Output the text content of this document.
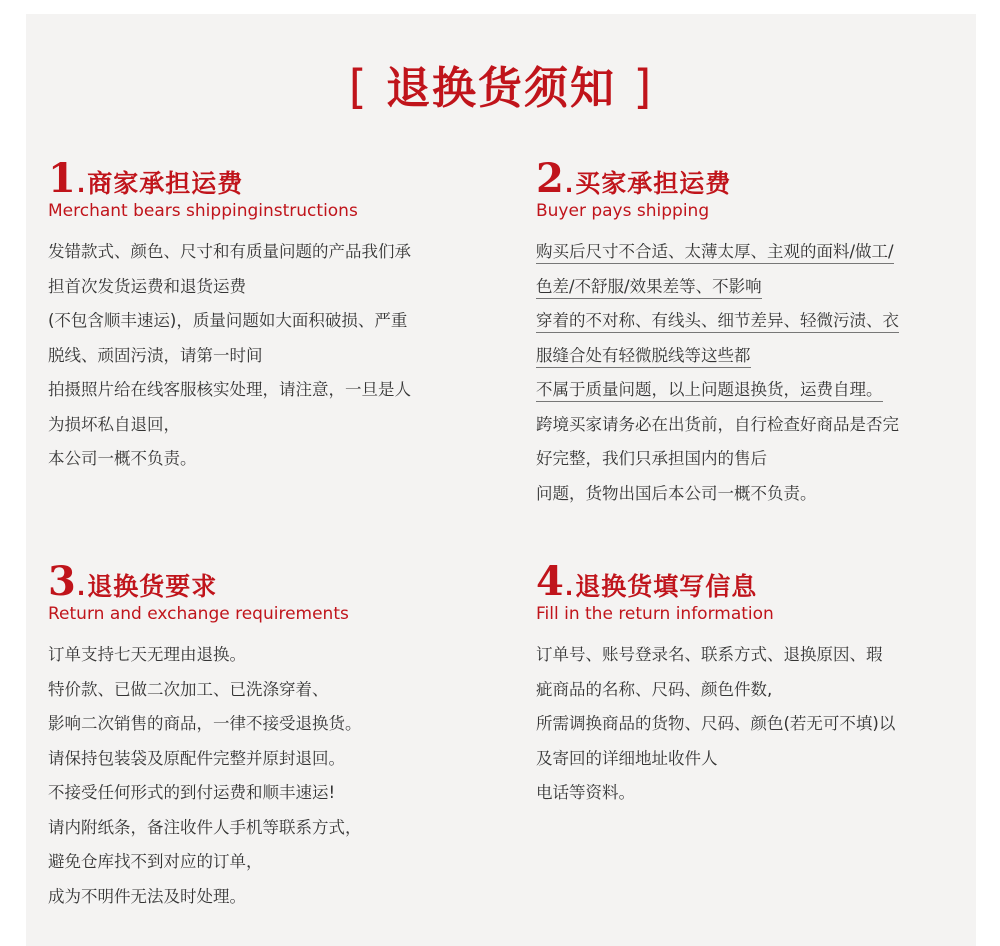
[ 退换货须知 ]
1 . 商家承担运费
Merchant bears shippinginstructions
发错款式、颜色、尺寸和有质量问题的产品我们承
担首次发货运费和退货运费
(不包含顺丰速运)，质量问题如大面积破损、严重
脱线、顽固污渍，请第一时间
拍摄照片给在线客服核实处理，请注意，一旦是人
为损坏私自退回，
本公司一概不负责。
2 . 买家承担运费
Buyer pays shipping
购买后尺寸不合适、太薄太厚、主观的面料/做工/
色差/不舒服/效果差等、不影响
穿着的不对称、有线头、细节差异、轻微污渍、衣
服缝合处有轻微脱线等这些都
不属于质量问题，以上问题退换货，运费自理。
跨境买家请务必在出货前，自行检查好商品是否完
好完整，我们只承担国内的售后
问题，货物出国后本公司一概不负责。
3 . 退换货要求
Return and exchange requirements
订单支持七天无理由退换。
特价款、已做二次加工、已洗涤穿着、
影响二次销售的商品，一律不接受退换货。
请保持包装袋及原配件完整并原封退回。
不接受任何形式的到付运费和顺丰速运!
请内附纸条，备注收件人手机等联系方式，
避免仓库找不到对应的订单，
成为不明件无法及时处理。
4 . 退换货填写信息
Fill in the return information
订单号、账号登录名、联系方式、退换原因、瑕
疵商品的名称、尺码、颜色件数,
所需调换商品的货物、尺码、颜色(若无可不填)以
及寄回的详细地址收件人
电话等资料。
